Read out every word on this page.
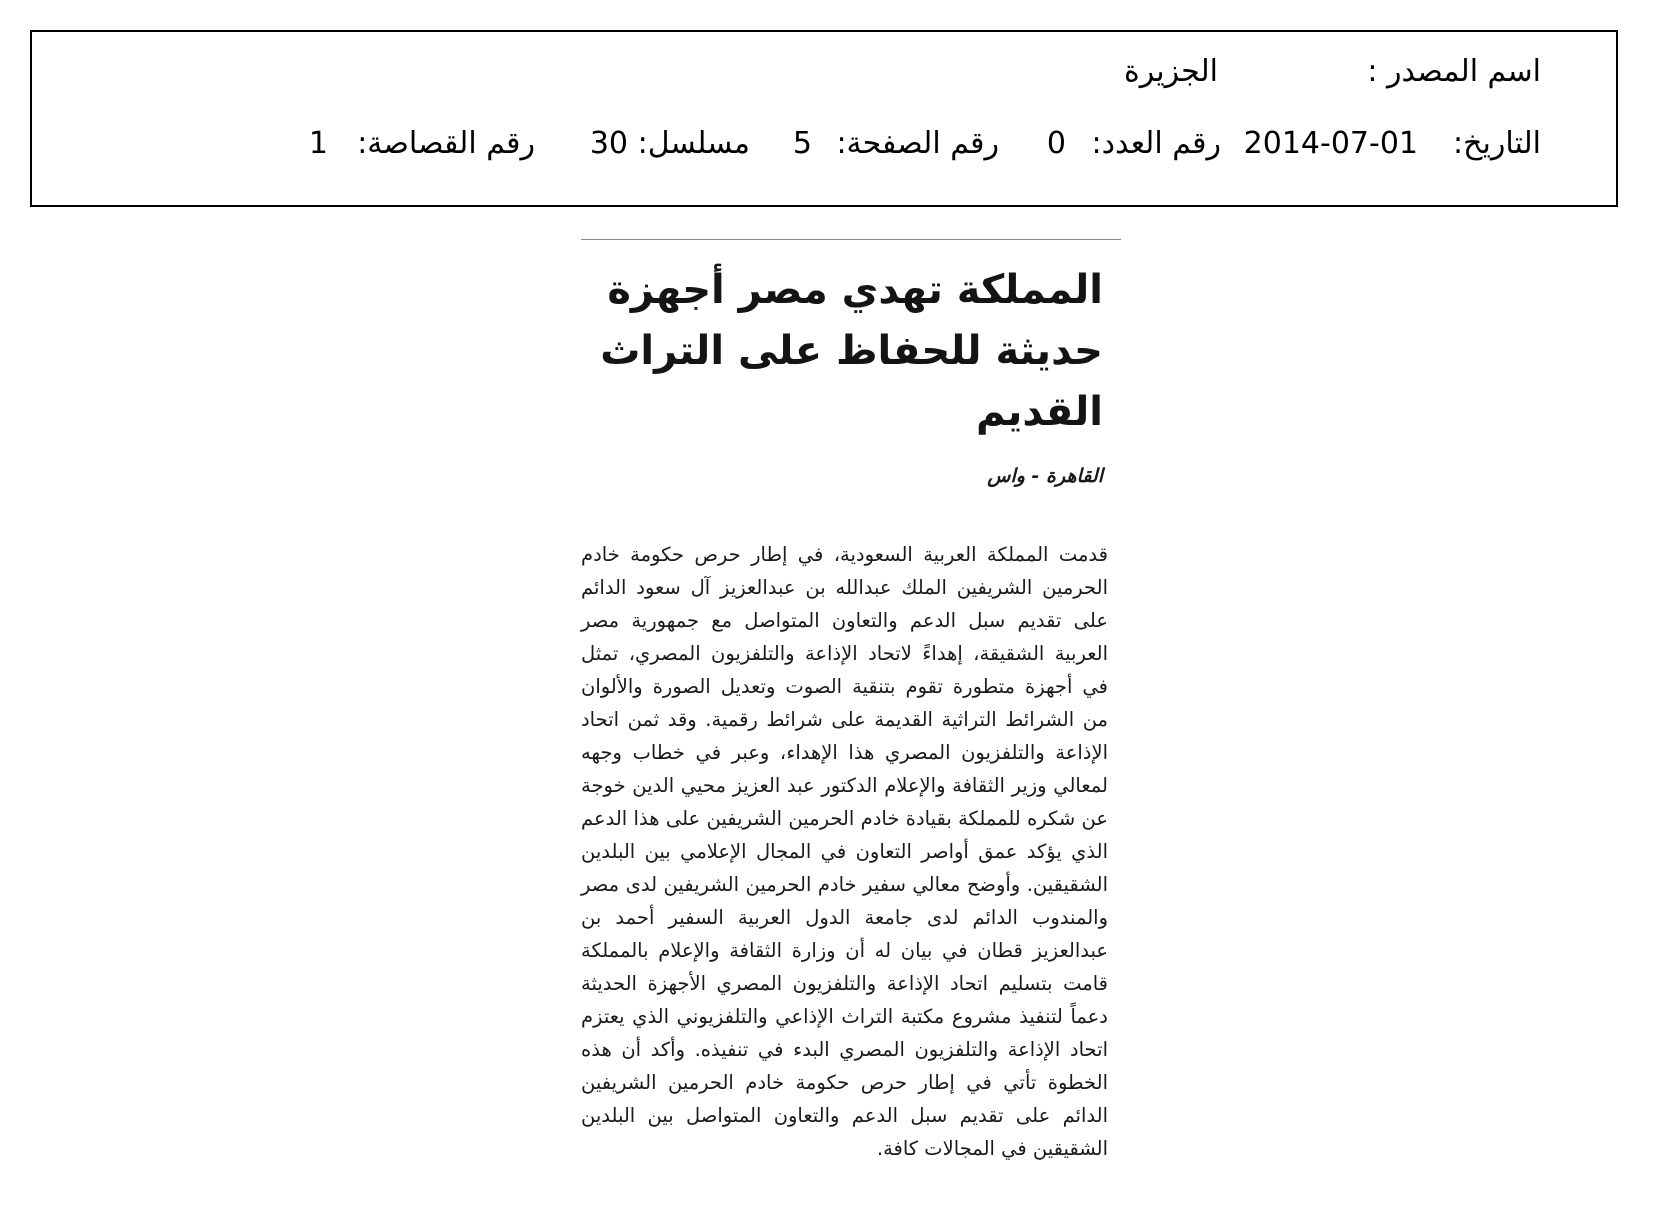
اسم المصدر :
الجزيرة
التاريخ:
2014-07-01
رقم العدد:
0
رقم الصفحة:
5
مسلسل:
30
رقم القصاصة:
1
المملكة تهدي مصر أجهزة حديثة للحفاظ على التراث القديم
القاهرة - واس

قدمت المملكة العربية السعودية، في إطار حرص حكومة خادم الحرمين الشريفين الملك عبدالله بن عبدالعزيز آل سعود الدائم على تقديم سبل الدعم والتعاون المتواصل مع جمهورية مصر العربية الشقيقة، إهداءً لاتحاد الإذاعة والتلفزيون المصري، تمثل في أجهزة متطورة تقوم بتنقية الصوت وتعديل الصورة والألوان من الشرائط التراثية القديمة على شرائط رقمية. وقد ثمن اتحاد الإذاعة والتلفزيون المصري هذا الإهداء، وعبر في خطاب وجهه لمعالي وزير الثقافة والإعلام الدكتور عبد العزيز محيي الدين خوجة عن شكره للمملكة بقيادة خادم الحرمين الشريفين على هذا الدعم الذي يؤكد عمق أواصر التعاون في المجال الإعلامي بين البلدين الشقيقين. وأوضح معالي سفير خادم الحرمين الشريفين لدى مصر والمندوب الدائم لدى جامعة الدول العربية السفير أحمد بن عبدالعزيز قطان في بيان له أن وزارة الثقافة والإعلام بالمملكة قامت بتسليم اتحاد الإذاعة والتلفزيون المصري الأجهزة الحديثة دعماً لتنفيذ مشروع مكتبة التراث الإذاعي والتلفزيوني الذي يعتزم اتحاد الإذاعة والتلفزيون المصري البدء في تنفيذه. وأكد أن هذه الخطوة تأتي في إطار حرص حكومة خادم الحرمين الشريفين الدائم على تقديم سبل الدعم والتعاون المتواصل بين البلدين الشقيقين في المجالات كافة.
